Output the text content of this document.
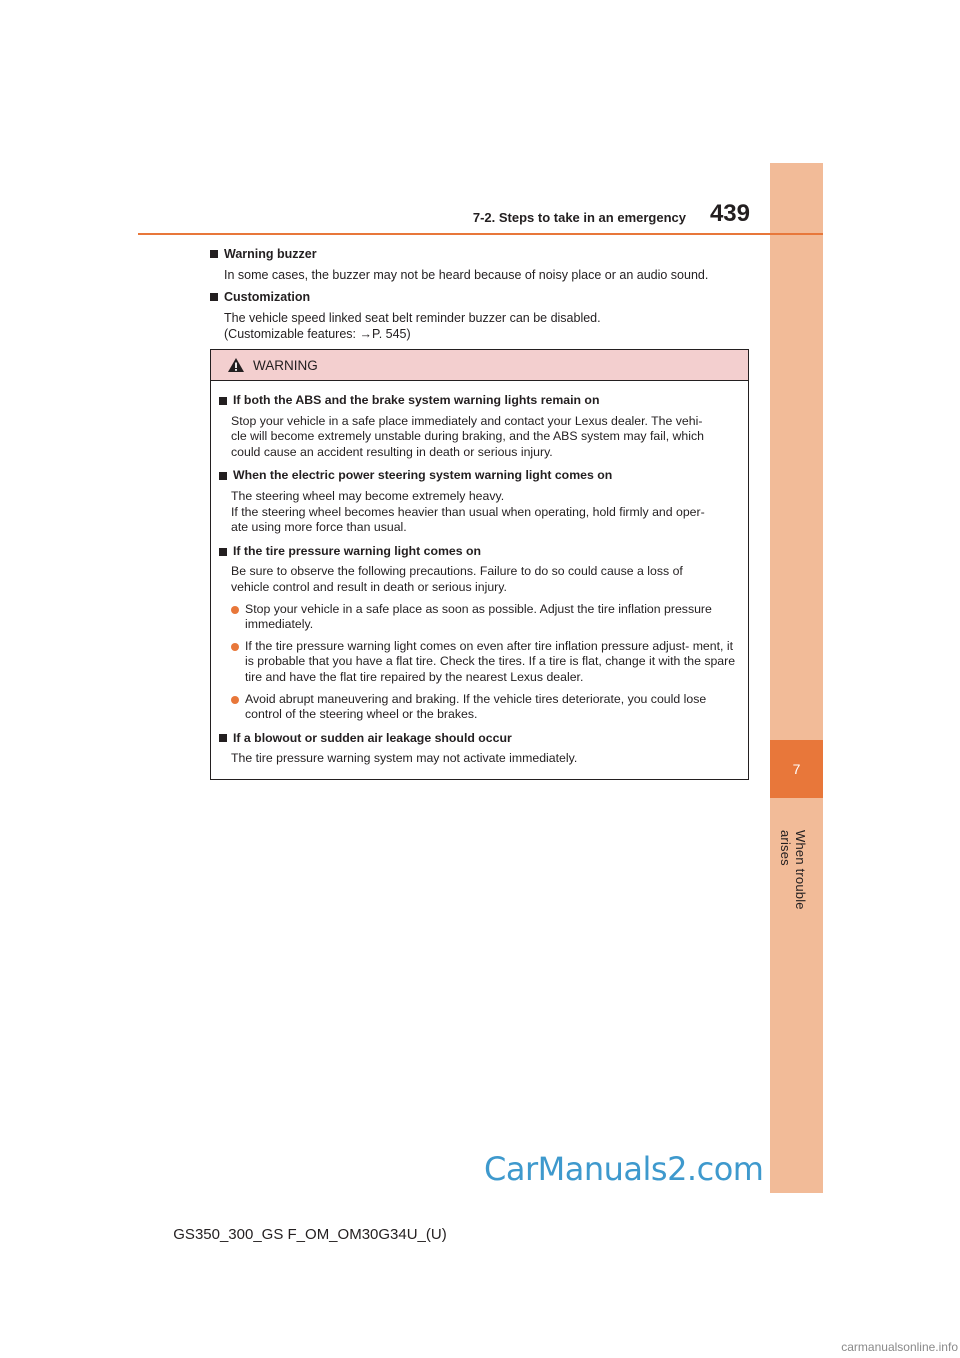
7
When trouble arises
7-2. Steps to take in an emergency 439
Warning buzzer
In some cases, the buzzer may not be heard because of noisy place or an audio sound.
Customization
The vehicle speed linked seat belt reminder buzzer can be disabled.
(Customizable features: →P. 545)
WARNING
If both the ABS and the brake system warning lights remain on
Stop your vehicle in a safe place immediately and contact your Lexus dealer. The vehi-
cle will become extremely unstable during braking, and the ABS system may fail, which
could cause an accident resulting in death or serious injury.
When the electric power steering system warning light comes on
The steering wheel may become extremely heavy.
If the steering wheel becomes heavier than usual when operating, hold firmly and oper-
ate using more force than usual.
If the tire pressure warning light comes on
Be sure to observe the following precautions. Failure to do so could cause a loss of
vehicle control and result in death or serious injury.
Stop your vehicle in a safe place as soon as possible. Adjust the tire inflation pressure immediately.
If the tire pressure warning light comes on even after tire inflation pressure adjust- ment, it is probable that you have a flat tire. Check the tires. If a tire is flat, change it with the spare tire and have the flat tire repaired by the nearest Lexus dealer.
Avoid abrupt maneuvering and braking. If the vehicle tires deteriorate, you could lose control of the steering wheel or the brakes.
If a blowout or sudden air leakage should occur
The tire pressure warning system may not activate immediately.
CarManuals2.com
GS350_300_GS F_OM_OM30G34U_(U)
carmanualsonline.info
